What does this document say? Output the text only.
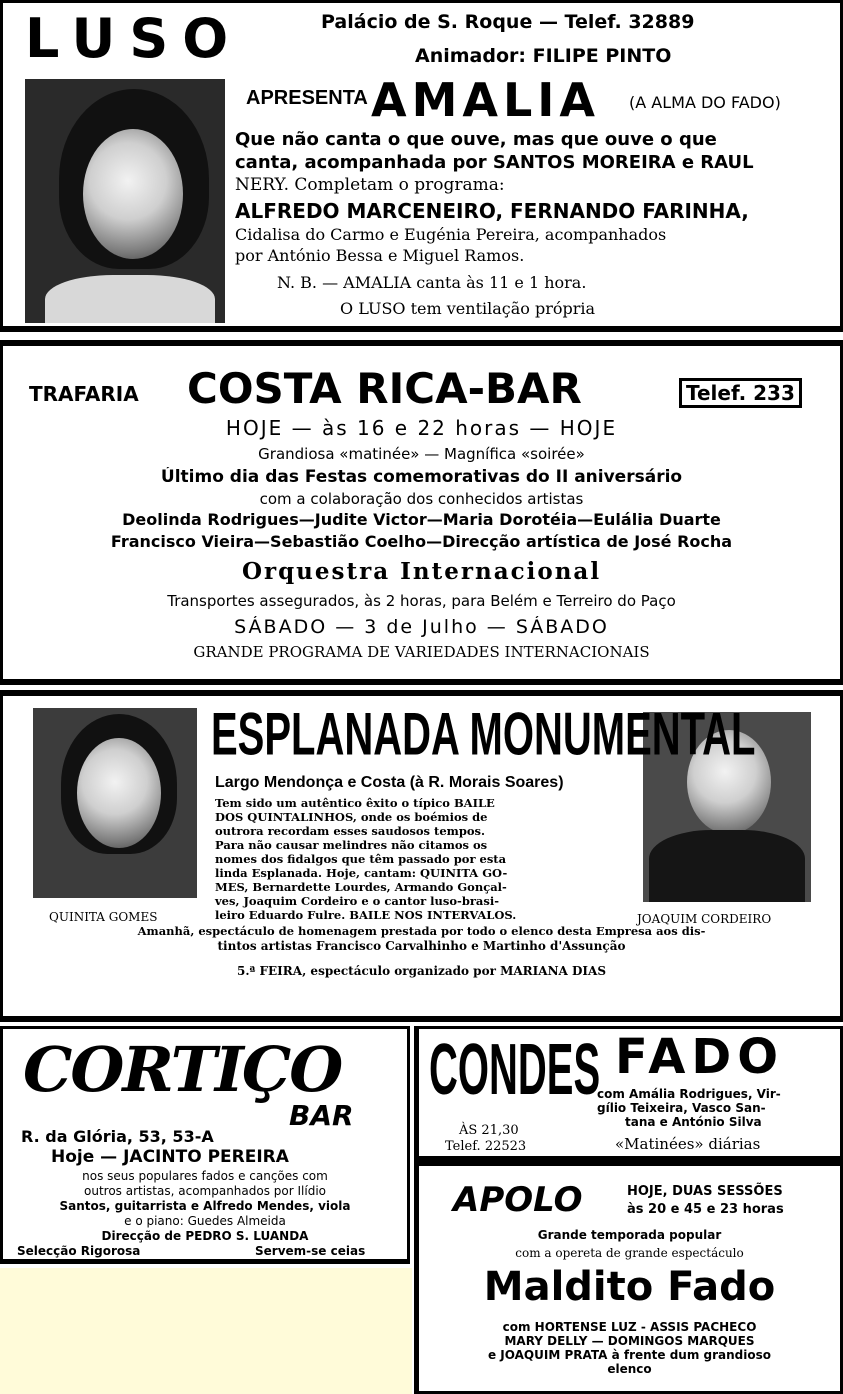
LUSO	Palácio de S. Roque — Telef. 32889
Animador: FILIPE PINTO
APRESENTA AMALIA (A ALMA DO FADO)
Que não canta o que ouve, mas que ouve o que
canta, acompanhada por SANTOS MOREIRA e RAUL
NERY. Completam o programa:
ALFREDO MARCENEIRO, FERNANDO FARINHA,
Cidalisa do Carmo e Eugénia Pereira, acompanhados
por António Bessa e Miguel Ramos.
N. B. — AMALIA canta às 11 e 1 hora.
O LUSO tem ventilação própria
TRAFARIA COSTA RICA-BAR	Telef. 233
HOJE — às 16 e 22 horas — HOJE
Grandiosa «matinée» — Magnífica «soirée»
Último dia das Festas comemorativas do II aniversário
com a colaboração dos conhecidos artistas
Deolinda Rodrigues—Judite Victor—Maria Dorotéia—Eulália Duarte
Francisco Vieira—Sebastião Coelho—Direcção artística de José Rocha
Orquestra Internacional
Transportes assegurados, às 2 horas, para Belém e Terreiro do Paço
SÁBADO — 3 de Julho — SÁBADO
GRANDE PROGRAMA DE VARIEDADES INTERNACIONAIS
QUINITA GOMES	JOAQUIM CORDEIRO
ESPLANADA MONUMENTAL
Largo Mendonça e Costa (à R. Morais Soares)
Tem sido um autêntico êxito o típico BAILE
DOS QUINTALINHOS, onde os boémios de
outrora recordam esses saudosos tempos.
Para não causar melindres não citamos os
nomes dos fidalgos que têm passado por esta
linda Esplanada. Hoje, cantam: QUINITA GO-
MES, Bernardette Lourdes, Armando Gonçal-
ves, Joaquim Cordeiro e o cantor luso-brasi-
leiro Eduardo Fulre. BAILE NOS INTERVALOS.
Amanhã, espectáculo de homenagem prestada por todo o elenco desta Empresa aos dis-
tintos artistas Francisco Carvalhinho e Martinho d'Assunção
5.ª FEIRA, espectáculo organizado por MARIANA DIAS
CORTIÇO
BAR
R. da Glória, 53, 53-A
Hoje — JACINTO PEREIRA
nos seus populares fados e canções com
outros artistas, acompanhados por Ilídio
Santos, guitarrista e Alfredo Mendes, viola
e o piano: Guedes Almeida
Direcção de PEDRO S. LUANDA
Selecção Rigorosa	Servem-se ceias
CONDES FADO
com Amália Rodrigues, Vir-
gílio Teixeira, Vasco San-
tana e António Silva
ÀS 21,30
Telef. 22523	«Matinées» diárias
APOLO	HOJE, DUAS SESSÕES
às 20 e 45 e 23 horas
Grande temporada popular
com a opereta de grande espectáculo
Maldito Fado
com HORTENSE LUZ - ASSIS PACHECO
MARY DELLY — DOMINGOS MARQUES
e JOAQUIM PRATA à frente dum grandioso
elenco
